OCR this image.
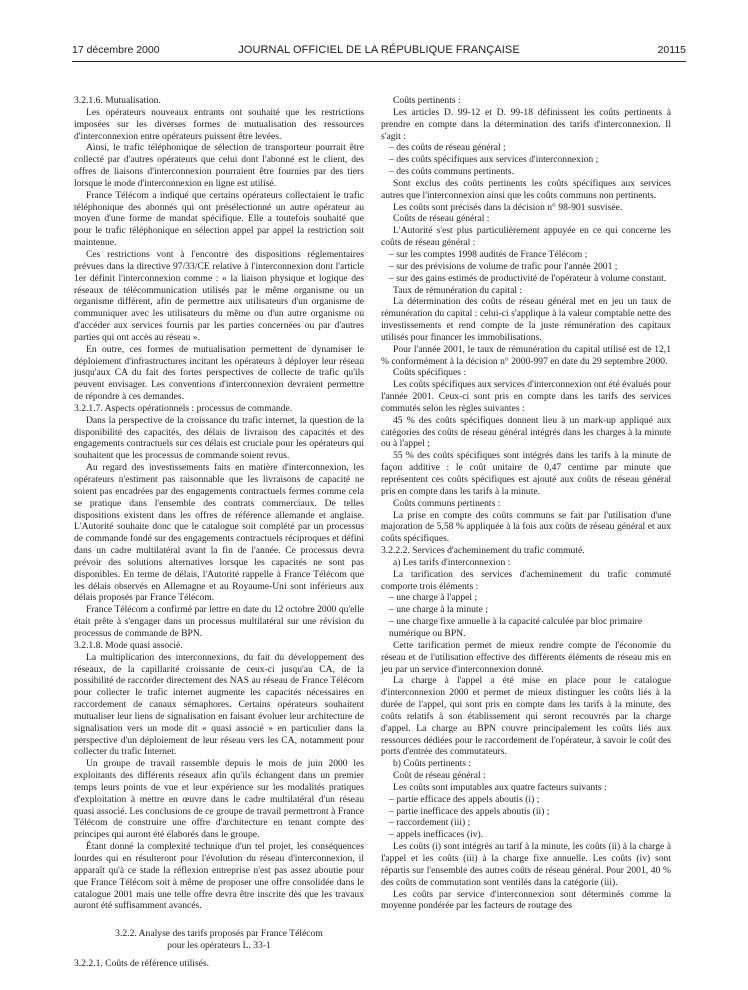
17 décembre 2000	JOURNAL OFFICIEL DE LA RÉPUBLIQUE FRANÇAISE	20115

3.2.1.6. Mutualisation.

Les opérateurs nouveaux entrants ont souhaité que les restrictions imposées sur les diverses formes de mutualisation des ressources d'interconnexion entre opérateurs puissent être levées.

Ainsi, le trafic téléphonique de sélection de transporteur pourrait être collecté par d'autres opérateurs que celui dont l'abonné est le client, des offres de liaisons d'interconnexion pourraient être fournies par des tiers lorsque le mode d'interconnexion en ligne est utilisé.

France Télécom a indiqué que certains opérateurs collectaient le trafic téléphonique des abonnés qui ont présélectionné un autre opérateur au moyen d'une forme de mandat spécifique. Elle a toutefois souhaité que pour le trafic téléphonique en sélection appel par appel la restriction soit maintenue.

Ces restrictions vont à l'encontre des dispositions réglementaires prévues dans la directive 97/33/CE relative à l'interconnexion dont l'article 1er définit l'interconnexion comme : « la liaison physique et logique des réseaux de télécommunication utilisés par le même organisme ou un organisme différent, afin de permettre aux utilisateurs d'un organisme de communiquer avec les utilisateurs du même ou d'un autre organisme ou d'accéder aux services fournis par les parties concernées ou par d'autres parties qui ont accès au réseau ».

En outre, ces formes de mutualisation permettent de dynamiser le déploiement d'infrastructures incitant les opérateurs à déployer leur réseau jusqu'aux CA du fait des fortes perspectives de collecte de trafic qu'ils peuvent envisager. Les conventions d'interconnexion devraient permettre de répondre à ces demandes.

3.2.1.7. Aspects opérationnels : processus de commande.

Dans la perspective de la croissance du trafic internet, la question de la disponibilité des capacités, des délais de livraison des capacités et des engagements contractuels sur ces délais est cruciale pour les opérateurs qui souhaitent que les processus de commande soient revus.

Au regard des investissements faits en matière d'interconnexion, les opérateurs n'estiment pas raisonnable que les livraisons de capacité ne soient pas encadrées par des engagements contractuels fermes comme cela se pratique dans l'ensemble des contrats commerciaux. De telles dispositions existent dans les offres de référence allemande et anglaise. L'Autorité souhaite donc que le catalogue soit complété par un processus de commande fondé sur des engagements contractuels réciproques et défini dans un cadre multilatéral avant la fin de l'année. Ce processus devra prévoir des solutions alternatives lorsque les capacités ne sont pas disponibles. En terme de délais, l'Autorité rappelle à France Télécom que les délais observés en Allemagne et au Royaume-Uni sont inférieurs aux délais proposés par France Télécom.

France Télécom a confirmé par lettre en date du 12 octobre 2000 qu'elle était prête à s'engager dans un processus multilatéral sur une révision du processus de commande de BPN.

3.2.1.8. Mode quasi associé.

La multiplication des interconnexions, du fait du développement des réseaux, de la capillarité croissante de ceux-ci jusqu'au CA, de la possibilité de raccorder directement des NAS au réseau de France Télécom pour collecter le trafic internet augmente les capacités nécessaires en raccordement de canaux sémaphores. Certains opérateurs souhaitent mutualiser leur liens de signalisation en faisant évoluer leur architecture de signalisation vers un mode dit « quasi associé » en particulier dans la perspective d'un déploiement de leur réseau vers les CA, notamment pour collecter du trafic Internet.

Un groupe de travail rassemble depuis le mois de juin 2000 les exploitants des différents réseaux afin qu'ils échangent dans un premier temps leurs points de vue et leur expérience sur les modalités pratiques d'exploitation à mettre en œuvre dans le cadre multilatéral d'un réseau quasi associé. Les conclusions de ce groupe de travail permettront à France Télécom de construire une offre d'architecture en tenant compte des principes qui auront été élaborés dans le groupe.

Étant donné la complexité technique d'un tel projet, les conséquences lourdes qui en résulteront pour l'évolution du réseau d'interconnexion, il apparaît qu'à ce stade la réflexion entreprise n'est pas assez aboutie pour que France Télécom soit à même de proposer une offre consolidée dans le catalogue 2001 mais une telle offre devra être inscrite dès que les travaux auront été suffisamment avancés.

3.2.2. Analyse des tarifs proposés par France Télécom

pour les opérateurs L. 33-1

3.2.2.1. Coûts de référence utilisés.

Coûts pertinents :

Les articles D. 99-12 et D. 99-18 définissent les coûts pertinents à prendre en compte dans la détermination des tarifs d'interconnexion. Il s'agit :

– des coûts de réseau général ;

– des coûts spécifiques aux services d'interconnexion ;

– des coûts communs pertinents.

Sont exclus des coûts pertinents les coûts spécifiques aux services autres que l'interconnexion ainsi que les coûts communs non pertinents.

Les coûts sont précisés dans la décision n° 98-901 susvisée.

Coûts de réseau général :

L'Autorité s'est plus particulièrement appuyée en ce qui concerne les coûts de réseau général :

– sur les comptes 1998 audités de France Télécom ;

– sur des prévisions de volume de trafic pour l'année 2001 ;

– sur des gains estimés de productivité de l'opérateur à volume constant.

Taux de rémunération du capital :

La détermination des coûts de réseau général met en jeu un taux de rémunération du capital : celui-ci s'applique à la valeur comptable nette des investissements et rend compte de la juste rémunération des capitaux utilisés pour financer les immobilisations.

Pour l'année 2001, le taux de rémunération du capital utilisé est de 12,1 % conformément à la décision n° 2000-997 en date du 29 septembre 2000.

Coûts spécifiques :

Les coûts spécifiques aux services d'interconnexion ont été évalués pour l'année 2001. Ceux-ci sont pris en compte dans les tarifs des services commutés selon les règles suivantes :

45 % des coûts spécifiques donnent lieu à un mark-up appliqué aux catégories des coûts de réseau général intégrés dans les charges à la minute ou à l'appel ;

55 % des coûts spécifiques sont intégrés dans les tarifs à la minute de façon additive : le coût unitaire de 0,47 centime par minute que représentent ces coûts spécifiques est ajouté aux coûts de réseau général pris en compte dans les tarifs à la minute.

Coûts communs pertinents :

La prise en compte des coûts communs se fait par l'utilisation d'une majoration de 5,58 % appliquée à la fois aux coûts de réseau général et aux coûts spécifiques.

3.2.2.2. Services d'acheminement du trafic commuté.

a) Les tarifs d'interconnexion :

La tarification des services d'acheminement du trafic commuté comporte trois éléments :

– une charge à l'appel ;

– une charge à la minute ;

– une charge fixe annuelle à la capacité calculée par bloc primaire numérique ou BPN.

Cette tarification permet de mieux rendre compte de l'économie du réseau et de l'utilisation effective des différents éléments de réseau mis en jeu par un service d'interconnexion donné.

La charge à l'appel a été mise en place pour le catalogue d'interconnexion 2000 et permet de mieux distinguer les coûts liés à la durée de l'appel, qui sont pris en compte dans les tarifs à la minute, des coûts relatifs à son établissement qui seront recouvrés par la charge d'appel. La charge au BPN couvre principalement les coûts liés aux ressources dédiées pour le raccordement de l'opérateur, à savoir le coût des ports d'entrée des commutateurs.

b) Coûts pertinents :

Coût de réseau général :

Les coûts sont imputables aux quatre facteurs suivants :

– partie efficace des appels aboutis (i) ;

– partie inefficace des appels aboutis (ii) ;

– raccordement (iii) ;

– appels inefficaces (iv).

Les coûts (i) sont intégrés au tarif à la minute, les coûts (ii) à la charge à l'appel et les coûts (iii) à la charge fixe annuelle. Les coûts (iv) sont répartis sur l'ensemble des autres coûts de réseau général. Pour 2001, 40 % des coûts de commutation sont ventilés dans la catégorie (iii).

Les coûts par service d'interconnexion sont déterminés comme la moyenne pondérée par les facteurs de routage des
